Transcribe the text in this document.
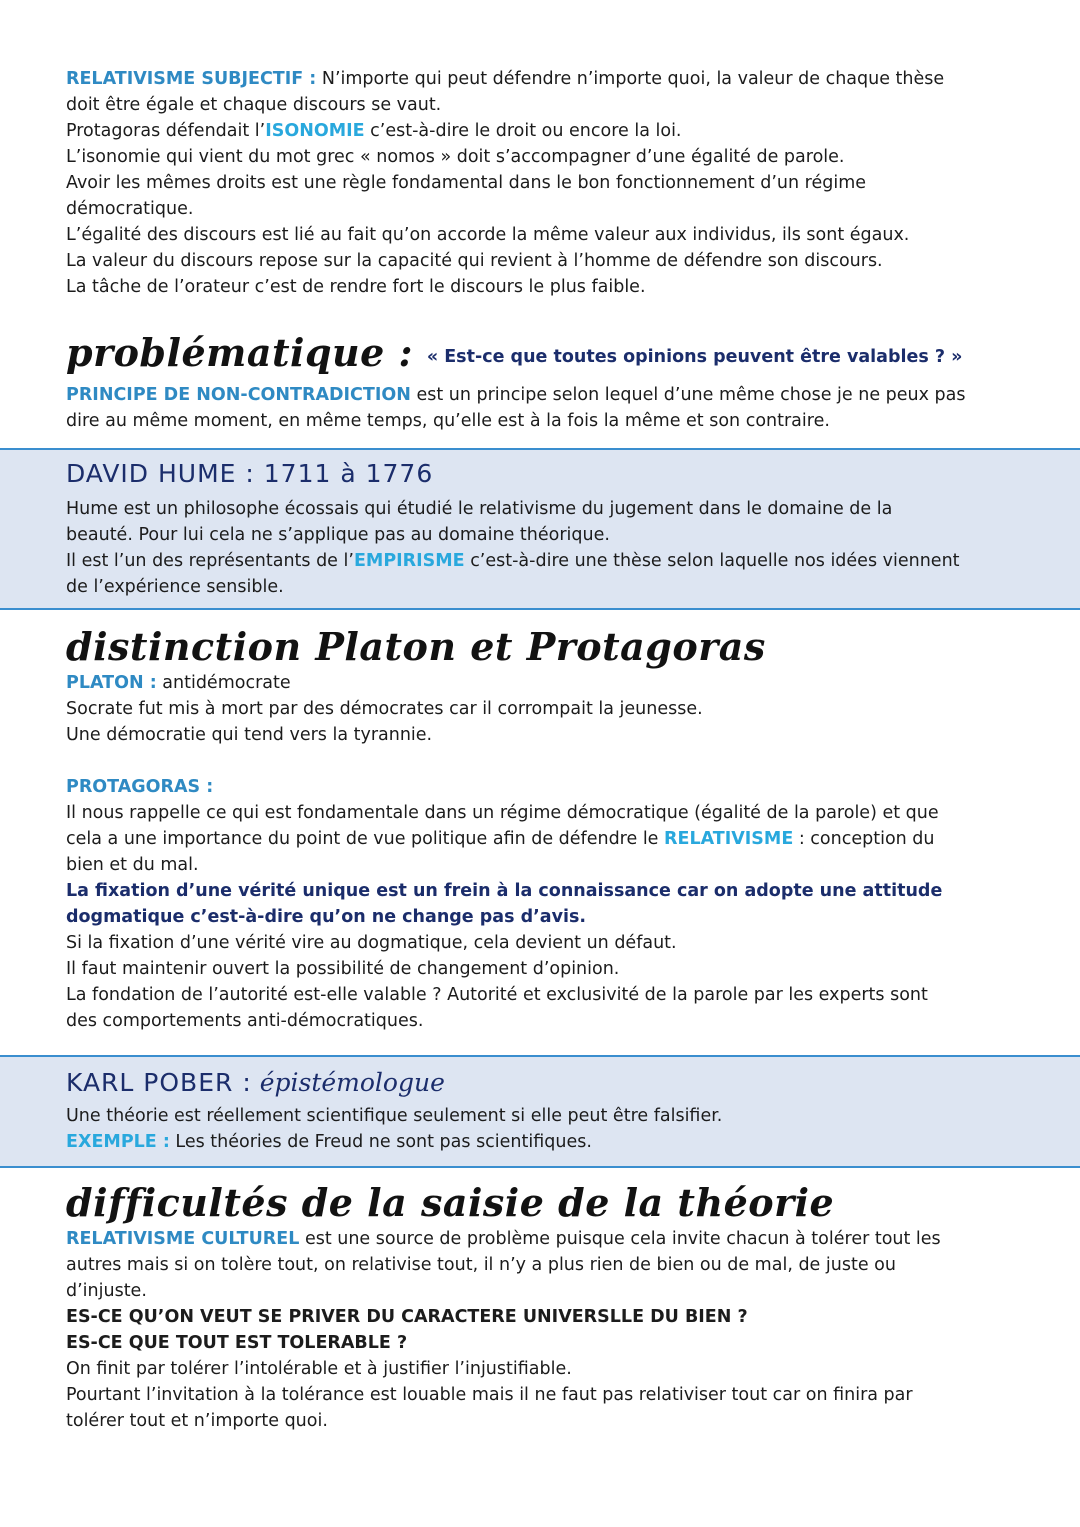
RELATIVISME SUBJECTIF : N’importe qui peut défendre n’importe quoi, la valeur de chaque thèse

doit être égale et chaque discours se vaut.

Protagoras défendait l’ISONOMIE c’est-à-dire le droit ou encore la loi.

L’isonomie qui vient du mot grec « nomos » doit s’accompagner d’une égalité de parole.

Avoir les mêmes droits est une règle fondamental dans le bon fonctionnement d’un régime

démocratique.

L’égalité des discours est lié au fait qu’on accorde la même valeur aux individus, ils sont égaux.

La valeur du discours repose sur la capacité qui revient à l’homme de défendre son discours.

La tâche de l’orateur c’est de rendre fort le discours le plus faible.

problématique : « Est-ce que toutes opinions peuvent être valables ? »

PRINCIPE DE NON-CONTRADICTION est un principe selon lequel d’une même chose je ne peux pas

dire au même moment, en même temps, qu’elle est à la fois la même et son contraire.

DAVID HUME : 1711 à 1776

Hume est un philosophe écossais qui étudié le relativisme du jugement dans le domaine de la

beauté. Pour lui cela ne s’applique pas au domaine théorique.

Il est l’un des représentants de l’EMPIRISME c’est-à-dire une thèse selon laquelle nos idées viennent

de l’expérience sensible.

distinction Platon et Protagoras

PLATON : antidémocrate

Socrate fut mis à mort par des démocrates car il corrompait la jeunesse.

Une démocratie qui tend vers la tyrannie.

PROTAGORAS :

Il nous rappelle ce qui est fondamentale dans un régime démocratique (égalité de la parole) et que

cela a une importance du point de vue politique afin de défendre le RELATIVISME : conception du

bien et du mal.

La fixation d’une vérité unique est un frein à la connaissance car on adopte une attitude

dogmatique c’est-à-dire qu’on ne change pas d’avis.

Si la fixation d’une vérité vire au dogmatique, cela devient un défaut.

Il faut maintenir ouvert la possibilité de changement d’opinion.

La fondation de l’autorité est-elle valable ? Autorité et exclusivité de la parole par les experts sont

des comportements anti-démocratiques.

KARL POBER : épistémologue

Une théorie est réellement scientifique seulement si elle peut être falsifier.

EXEMPLE : Les théories de Freud ne sont pas scientifiques.

difficultés de la saisie de la théorie

RELATIVISME CULTUREL est une source de problème puisque cela invite chacun à tolérer tout les

autres mais si on tolère tout, on relativise tout, il n’y a plus rien de bien ou de mal, de juste ou

d’injuste.

ES-CE QU’ON VEUT SE PRIVER DU CARACTERE UNIVERSLLE DU BIEN ?

ES-CE QUE TOUT EST TOLERABLE ?

On finit par tolérer l’intolérable et à justifier l’injustifiable.

Pourtant l’invitation à la tolérance est louable mais il ne faut pas relativiser tout car on finira par

tolérer tout et n’importe quoi.
